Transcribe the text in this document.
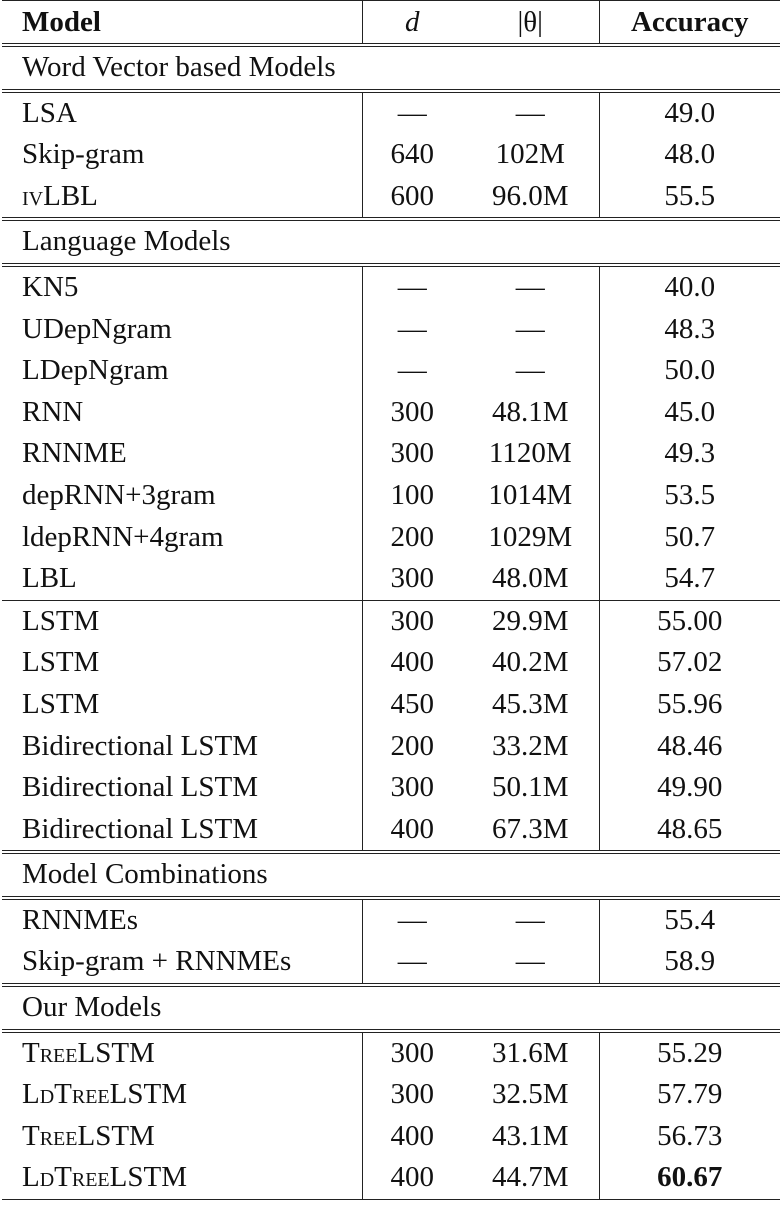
Model	d	|θ|	Accuracy
Word Vector based Models			
LSA	—	—	49.0
Skip-gram	640	102M	48.0
ivLBL	600	96.0M	55.5
Language Models			
KN5	—	—	40.0
UDepNgram	—	—	48.3
LDepNgram	—	—	50.0
RNN	300	48.1M	45.0
RNNME	300	1120M	49.3
depRNN+3gram	100	1014M	53.5
ldepRNN+4gram	200	1029M	50.7
LBL	300	48.0M	54.7
LSTM	300	29.9M	55.00
LSTM	400	40.2M	57.02
LSTM	450	45.3M	55.96
Bidirectional LSTM	200	33.2M	48.46
Bidirectional LSTM	300	50.1M	49.90
Bidirectional LSTM	400	67.3M	48.65
Model Combinations			
RNNMEs	—	—	55.4
Skip-gram + RNNMEs	—	—	58.9
Our Models			
TreeLSTM	300	31.6M	55.29
LdTreeLSTM	300	32.5M	57.79
TreeLSTM	400	43.1M	56.73
LdTreeLSTM	400	44.7M	60.67
